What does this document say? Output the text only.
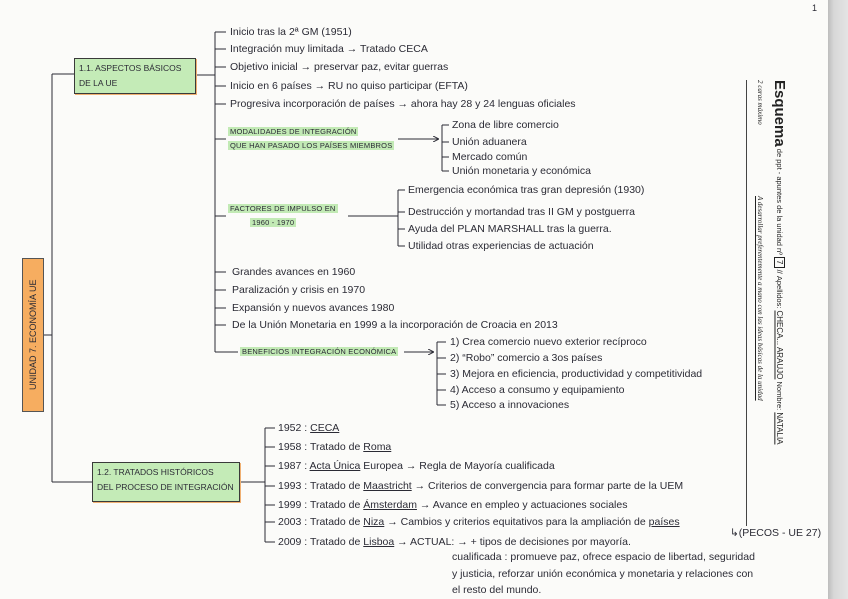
UNIDAD 7. ECONOMÍA UE
1.1. ASPECTOS BÁSICOS
DE LA UE
Inicio tras la 2ª GM (1951)
Integración muy limitada → Tratado CECA
Objetivo inicial → preservar paz, evitar guerras
Inicio en 6 países → RU no quiso participar (EFTA)
Progresiva incorporación de países → ahora hay 28 y 24 lenguas oficiales
MODALIDADES DE INTEGRACIÓN
QUE HAN PASADO LOS PAÍSES MIEMBROS
Zona de libre comercio
Unión aduanera
Mercado común
Unión monetaria y económica
FACTORES DE IMPULSO EN
1960 - 1970
Emergencia económica tras gran depresión (1930)
Destrucción y mortandad tras II GM y postguerra
Ayuda del PLAN MARSHALL tras la guerra.
Utilidad otras experiencias de actuación
Grandes avances en 1960
Paralización y crisis en 1970
Expansión y nuevos avances 1980
De la Unión Monetaria en 1999 a la incorporación de Croacia en 2013
BENEFICIOS INTEGRACIÓN ECONÓMICA
1) Crea comercio nuevo exterior recíproco
2) “Robo” comercio a 3os países
3) Mejora en eficiencia, productividad y competitividad
4) Acceso a consumo y equipamiento
5) Acceso a innovaciones
1.2. TRATADOS HISTÓRICOS
DEL PROCESO DE INTEGRACIÓN
1952 : CECA
1958 : Tratado de Roma
1987 : Acta Única Europea → Regla de Mayoría cualificada
1993 : Tratado de Maastricht → Criterios de convergencia para formar parte de la UEM
1999 : Tratado de Ámsterdam → Avance en empleo y actuaciones sociales
2003 : Tratado de Niza → Cambios y criterios equitativos para la ampliación de países
2009 : Tratado de Lisboa → ACTUAL: → + tipos de decisiones por mayoría.
cualificada : promueve paz, ofrece espacio de libertad, seguridad
y justicia, reforzar unión económica y monetaria y relaciones con
el resto del mundo.
↳(PECOS - UE 27)
Esquema de ppt - apuntes de la unidad nº 7 // Apellidos: CHECA... ARAUJO Nombre: NATALIA
2 caras máximo A desarrollar preferentemente a mano con las ideas básicas de la unidad
1
